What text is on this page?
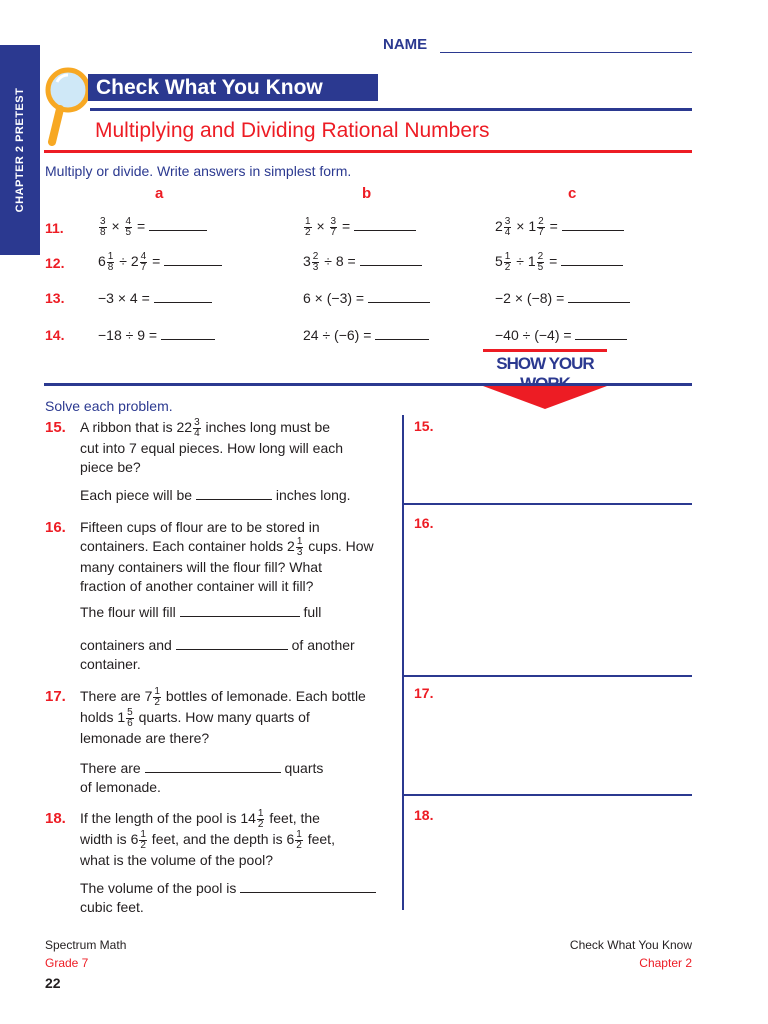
NAME
CHAPTER 2 PRETEST
Check What You Know
Multiplying and Dividing Rational Numbers
Multiply or divide. Write answers in simplest form.
a	b	c
11.	$\frac{3}{8} \times \frac{4}{5}$ =	$\frac{1}{2} \times \frac{3}{7}$ =	$2 \frac{3}{4} \times 1 \frac{2}{7}$ =
12. $6 \frac{1}{8} \div 2 \frac{4}{7}$ =	$3 \frac{2}{3} \div 8$ =	$5 \frac{1}{2} \div 1 \frac{2}{5}$ =
13. −3 × 4 =	6 × (−3) =	−2 × (−8) =
14. −18 ÷ 9 =	24 ÷ (−6) =	−40 ÷ (−4) =
SHOW YOUR
Solve each problem.
15. A ribbon that is $22 \frac{3}{4}$ inches long must be
cut into 7 equal pieces. How long will each
piece be?
Each piece will be	inches long.
16. Fifteen cups of flour are to be stored in
containers. Each container holds $2 \frac{1}{3}$ cups. How
many containers will the flour fill? What
fraction of another container will it fill?
The flour will fill	full
containers and	of another
container.
17. There are $7 \frac{1}{2}$ bottles of lemonade. Each bottle
holds $1 \frac{5}{6}$ quarts. How many quarts of
lemonade are there?
There are	quarts
of lemonade.
18. If the length of the pool is $14 \frac{1}{2}$ feet, the
width is $6 \frac{1}{2}$ feet, and the depth is $6 \frac{1}{2}$ feet,
what is the volume of the pool?
The volume of the pool is
cubic feet.
15.
16.
17.
18.
Spectrum Math
Grade 7
22
Check What You Know
Chapter 2
